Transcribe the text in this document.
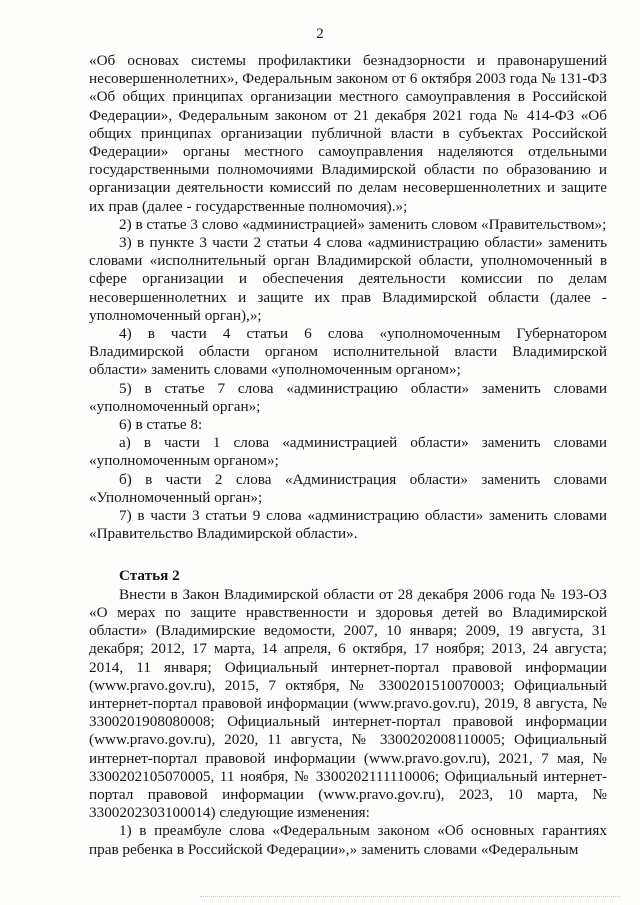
2

«Об основах системы профилактики безнадзорности и правонарушений несовершеннолетних», Федеральным законом от 6 октября 2003 года № 131-ФЗ «Об общих принципах организации местного самоуправления в Российской Федерации», Федеральным законом от 21 декабря 2021 года № 414-ФЗ «Об общих принципах организации публичной власти в субъектах Российской Федерации» органы местного самоуправления наделяются отдельными государственными полномочиями Владимирской области по образованию и организации деятельности комиссий по делам несовершеннолетних и защите их прав (далее - государственные полномочия).»;

2) в статье 3 слово «администрацией» заменить словом «Правительством»;

3) в пункте 3 части 2 статьи 4 слова «администрацию области» заменить словами «исполнительный орган Владимирской области, уполномоченный в сфере организации и обеспечения деятельности комиссии по делам несовершеннолетних и защите их прав Владимирской области (далее - уполномоченный орган),»;

4) в части 4 статьи 6 слова «уполномоченным Губернатором Владимирской области органом исполнительной власти Владимирской области» заменить словами «уполномоченным органом»;

5) в статье 7 слова «администрацию области» заменить словами «уполномоченный орган»;

6) в статье 8:

а) в части 1 слова «администрацией области» заменить словами «уполномоченным органом»;

б) в части 2 слова «Администрация области» заменить словами «Уполномоченный орган»;

7) в части 3 статьи 9 слова «администрацию области» заменить словами «Правительство Владимирской области».

Статья 2

Внести в Закон Владимирской области от 28 декабря 2006 года № 193-ОЗ «О мерах по защите нравственности и здоровья детей во Владимирской области» (Владимирские ведомости, 2007, 10 января; 2009, 19 августа, 31 декабря; 2012, 17 марта, 14 апреля, 6 октября, 17 ноября; 2013, 24 августа; 2014, 11 января; Официальный интернет-портал правовой информации (www.pravo.gov.ru), 2015, 7 октября, № 3300201510070003; Официальный интернет-портал правовой информации (www.pravo.gov.ru), 2019, 8 августа, № 3300201908080008; Официальный интернет-портал правовой информации (www.pravo.gov.ru), 2020, 11 августа, № 3300202008110005; Официальный интернет-портал правовой информации (www.pravo.gov.ru), 2021, 7 мая, № 3300202105070005, 11 ноября, № 3300202111110006; Официальный интернет-портал правовой информации (www.pravo.gov.ru), 2023, 10 марта, № 3300202303100014) следующие изменения:

1) в преамбуле слова «Федеральным законом «Об основных гарантиях прав ребенка в Российской Федерации»,» заменить словами «Федеральным
